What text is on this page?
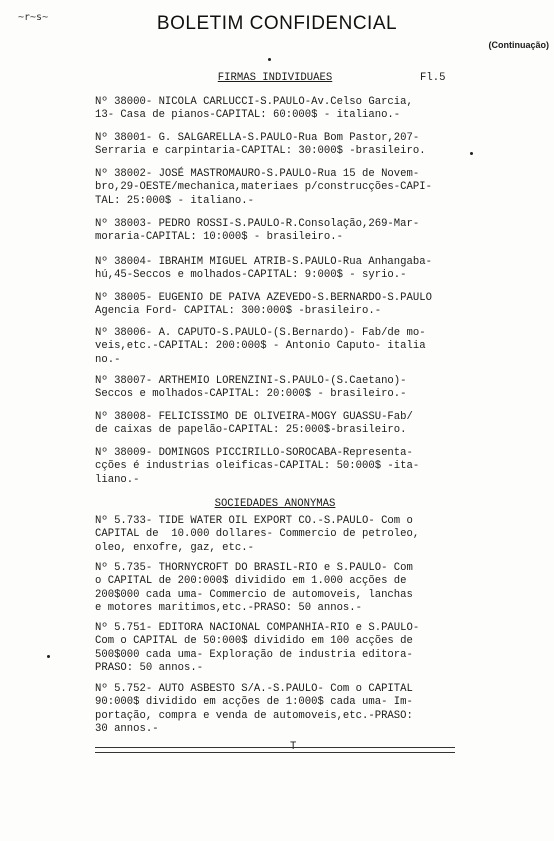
~r~s~	BOLETIM CONFIDENCIAL
(Continuação)
FIRMAS INDIVIDUAES	Fl.5
Nº 38000- NICOLA CARLUCCI-S.PAULO-Av.Celso Garcia,
13- Casa de pianos-CAPITAL: 60:000$ - italiano.-
Nº 38001- G. SALGARELLA-S.PAULO-Rua Bom Pastor,207-
Serraria e carpintaria-CAPITAL: 30:000$ -brasileiro.
Nº 38002- JOSÉ MASTROMAURO-S.PAULO-Rua 15 de Novem-
bro,29-OESTE/mechanica,materiaes p/construcções-CAPI-
TAL: 25:000$ - italiano.-
Nº 38003- PEDRO ROSSI-S.PAULO-R.Consolação,269-Mar-
moraria-CAPITAL: 10:000$ - brasileiro.-
Nº 38004- IBRAHIM MIGUEL ATRIB-S.PAULO-Rua Anhangaba-
hú,45-Seccos e molhados-CAPITAL: 9:000$ - syrio.-
Nº 38005- EUGENIO DE PAIVA AZEVEDO-S.BERNARDO-S.PAULO
Agencia Ford- CAPITAL: 300:000$ -brasileiro.-
Nº 38006- A. CAPUTO-S.PAULO-(S.Bernardo)- Fab/de mo-
veis,etc.-CAPITAL: 200:000$ - Antonio Caputo- italia
no.-
Nº 38007- ARTHEMIO LORENZINI-S.PAULO-(S.Caetano)-
Seccos e molhados-CAPITAL: 20:000$ - brasileiro.-
Nº 38008- FELICISSIMO DE OLIVEIRA-MOGY GUASSU-Fab/
de caixas de papelão-CAPITAL: 25:000$-brasileiro.
Nº 38009- DOMINGOS PICCIRILLO-SOROCABA-Representa-
cções é industrias oleificas-CAPITAL: 50:000$ -ita-
liano.-
SOCIEDADES ANONYMAS
Nº 5.733- TIDE WATER OIL EXPORT CO.-S.PAULO- Com o
CAPITAL de  10.000 dollares- Commercio de petroleo,
oleo, enxofre, gaz, etc.-
Nº 5.735- THORNYCROFT DO BRASIL-RIO e S.PAULO- Com
o CAPITAL de 200:000$ dividido em 1.000 acções de
200$000 cada uma- Commercio de automoveis, lanchas
e motores maritimos,etc.-PRASO: 50 annos.-
Nº 5.751- EDITORA NACIONAL COMPANHIA-RIO e S.PAULO-
Com o CAPITAL de 50:000$ dividido em 100 acções de
500$000 cada uma- Exploração de industria editora-
PRASO: 50 annos.-
Nº 5.752- AUTO ASBESTO S/A.-S.PAULO- Com o CAPITAL
90:000$ dividido em acções de 1:000$ cada uma- Im-
portação, compra e venda de automoveis,etc.-PRASO:
30 annos.-
T
